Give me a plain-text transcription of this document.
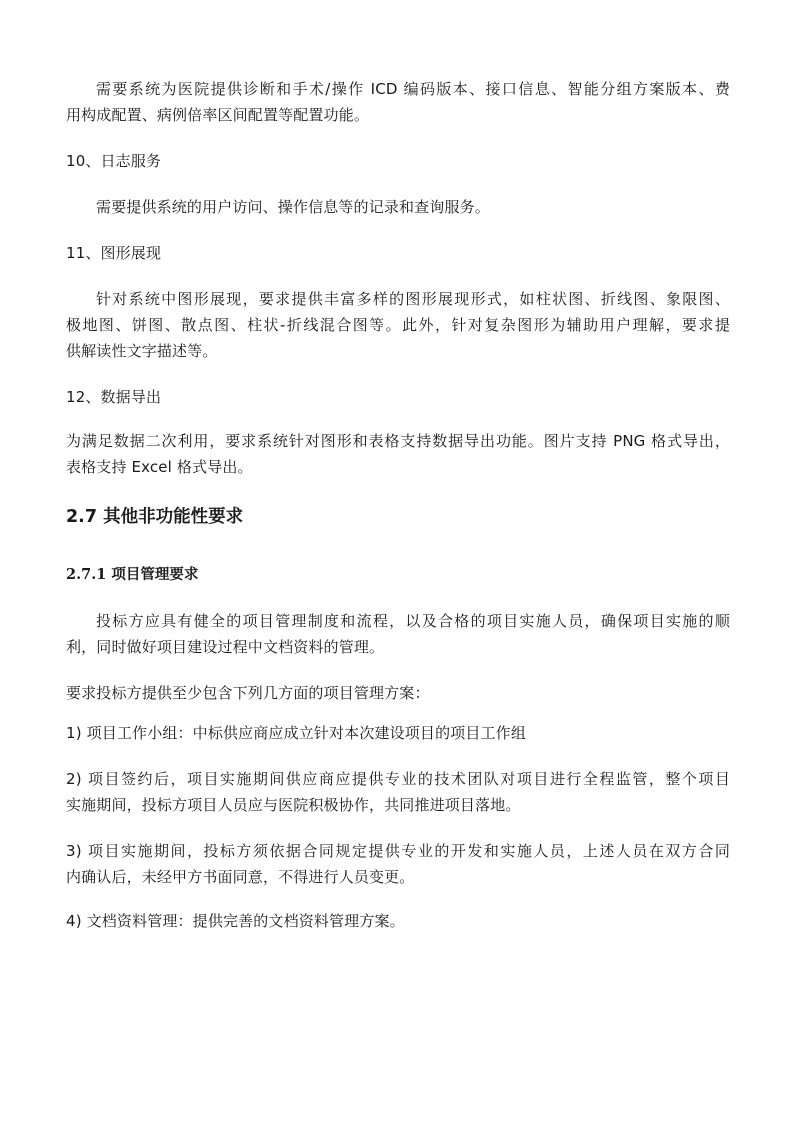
需要系统为医院提供诊断和手术/操作 ICD 编码版本、接口信息、智能分组方案版本、费
用构成配置、病例倍率区间配置等配置功能。
10、日志服务
需要提供系统的用户访问、操作信息等的记录和查询服务。
11、图形展现
针对系统中图形展现，要求提供丰富多样的图形展现形式，如柱状图、折线图、象限图、
极地图、饼图、散点图、柱状-折线混合图等。此外，针对复杂图形为辅助用户理解，要求提
供解读性文字描述等。
12、数据导出
为满足数据二次利用，要求系统针对图形和表格支持数据导出功能。图片支持 PNG 格式导出，
表格支持 Excel 格式导出。
2.7 其他非功能性要求
2.7.1 项目管理要求
投标方应具有健全的项目管理制度和流程，以及合格的项目实施人员，确保项目实施的顺
利，同时做好项目建设过程中文档资料的管理。
要求投标方提供至少包含下列几方面的项目管理方案：
1) 项目工作小组：中标供应商应成立针对本次建设项目的项目工作组
2) 项目签约后，项目实施期间供应商应提供专业的技术团队对项目进行全程监管，整个项目
实施期间，投标方项目人员应与医院积极协作，共同推进项目落地。
3) 项目实施期间，投标方须依据合同规定提供专业的开发和实施人员，上述人员在双方合同
内确认后，未经甲方书面同意，不得进行人员变更。
4) 文档资料管理：提供完善的文档资料管理方案。
